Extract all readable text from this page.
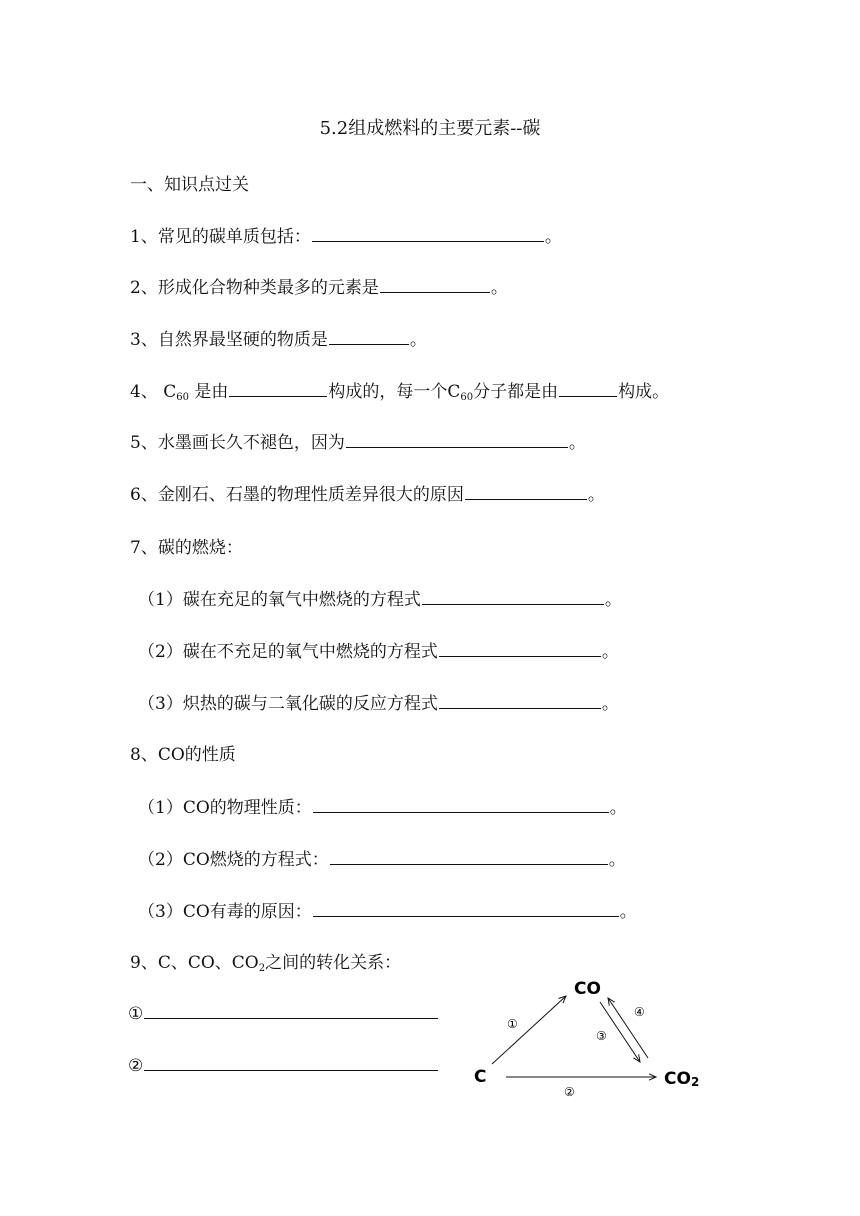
5.2组成燃料的主要元素--碳
一、知识点过关
1、常见的碳单质包括：	。
2、形成化合物种类最多的元素是	。
3、自然界最坚硬的物质是	。
4、 C60 是由	构成的，每一个C60分子都是由	构成。
5、水墨画长久不褪色，因为	。
6、金刚石、石墨的物理性质差异很大的原因	。
7、碳的燃烧：
（1）碳在充足的氧气中燃烧的方程式	。
（2）碳在不充足的氧气中燃烧的方程式	。
（3）炽热的碳与二氧化碳的反应方程式	。
8、CO的性质
（1）CO的物理性质：	。
（2）CO燃烧的方程式：	。
（3）CO有毒的原因：	。
9、C、CO、CO2之间的转化关系：
①
②
C
CO
CO2
①
②
③
④
